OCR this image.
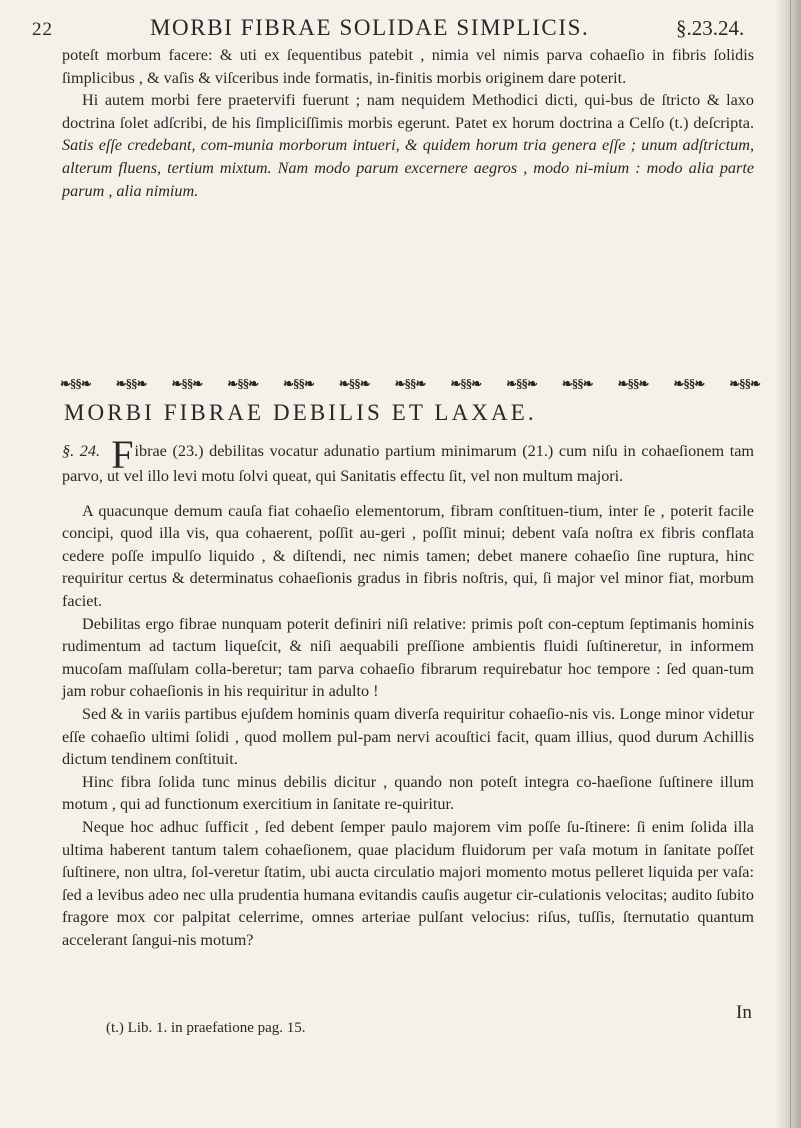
22	MORBI FIBRAE SOLIDAE SIMPLICIS.	§.23.24.

poteſt morbum facere: & uti ex ſequentibus patebit , nimia vel nimis parva cohaeſio in fibris ſolidis ſimplicibus , & vaſis & viſceribus inde formatis, in-finitis morbis originem dare poterit.

Hi autem morbi fere praetervifi fuerunt ; nam nequidem Methodici dicti, qui-bus de ſtricto & laxo doctrina ſolet adſcribi, de his ſimpliciſſimis morbis egerunt. Patet ex horum doctrina a Celſo (t.) deſcripta. Satis eſſe credebant, com-munia morborum intueri, & quidem horum tria genera eſſe ; unum adſtrictum, alterum fluens, tertium mixtum. Nam modo parum excernere aegros , modo ni-mium : modo alia parte parum , alia nimium.

❧§§❧ ❧§§❧ ❧§§❧ ❧§§❧ ❧§§❧ ❧§§❧ ❧§§❧ ❧§§❧ ❧§§❧ ❧§§❧ ❧§§❧ ❧§§❧ ❧§§❧
MORBI FIBRAE DEBILIS ET LAXAE.

§. 24. Fibrae (23.) debilitas vocatur adunatio partium minimarum (21.) cum niſu in cohaeſionem tam parvo, ut vel illo levi motu ſolvi queat, qui Sanitatis effectu ſit, vel non multum majori.

A quacunque demum cauſa fiat cohaeſio elementorum, fibram conſtituen-tium, inter ſe , poterit facile concipi, quod illa vis, qua cohaerent, poſſit au-geri , poſſit minui; debent vaſa noſtra ex fibris conflata cedere poſſe impulſo liquido , & diſtendi, nec nimis tamen; debet manere cohaeſio ſine ruptura, hinc requiritur certus & determinatus cohaeſionis gradus in fibris noſtris, qui, ſi major vel minor fiat, morbum faciet.

Debilitas ergo fibrae nunquam poterit definiri niſi relative: primis poſt con-ceptum ſeptimanis hominis rudimentum ad tactum liqueſcit, & niſi aequabili preſſione ambientis fluidi ſuſtineretur, in informem mucoſam maſſulam colla-beretur; tam parva cohaeſio fibrarum requirebatur hoc tempore : ſed quan-tum jam robur cohaeſionis in his requiritur in adulto !

Sed & in variis partibus ejuſdem hominis quam diverſa requiritur cohaeſio-nis vis. Longe minor videtur eſſe cohaeſio ultimi ſolidi , quod mollem pul-pam nervi acouſtici facit, quam illius, quod durum Achillis dictum tendinem conſtituit.

Hinc fibra ſolida tunc minus debilis dicitur , quando non poteſt integra co-haeſione ſuſtinere illum motum , qui ad functionum exercitium in ſanitate re-quiritur.

Neque hoc adhuc ſufficit , ſed debent ſemper paulo majorem vim poſſe ſu-ſtinere: ſi enim ſolida illa ultima haberent tantum talem cohaeſionem, quae placidum fluidorum per vaſa motum in ſanitate poſſet ſuſtinere, non ultra, ſol-veretur ſtatim, ubi aucta circulatio majori momento motus pelleret liquida per vaſa: ſed a levibus adeo nec ulla prudentia humana evitandis cauſis augetur cir-culationis velocitas; audito ſubito fragore mox cor palpitat celerrime, omnes arteriae pulſant velocius: riſus, tuſſis, ſternutatio quantum accelerant ſangui-nis motum?

In
(t.) Lib. 1. in praefatione pag. 15.
